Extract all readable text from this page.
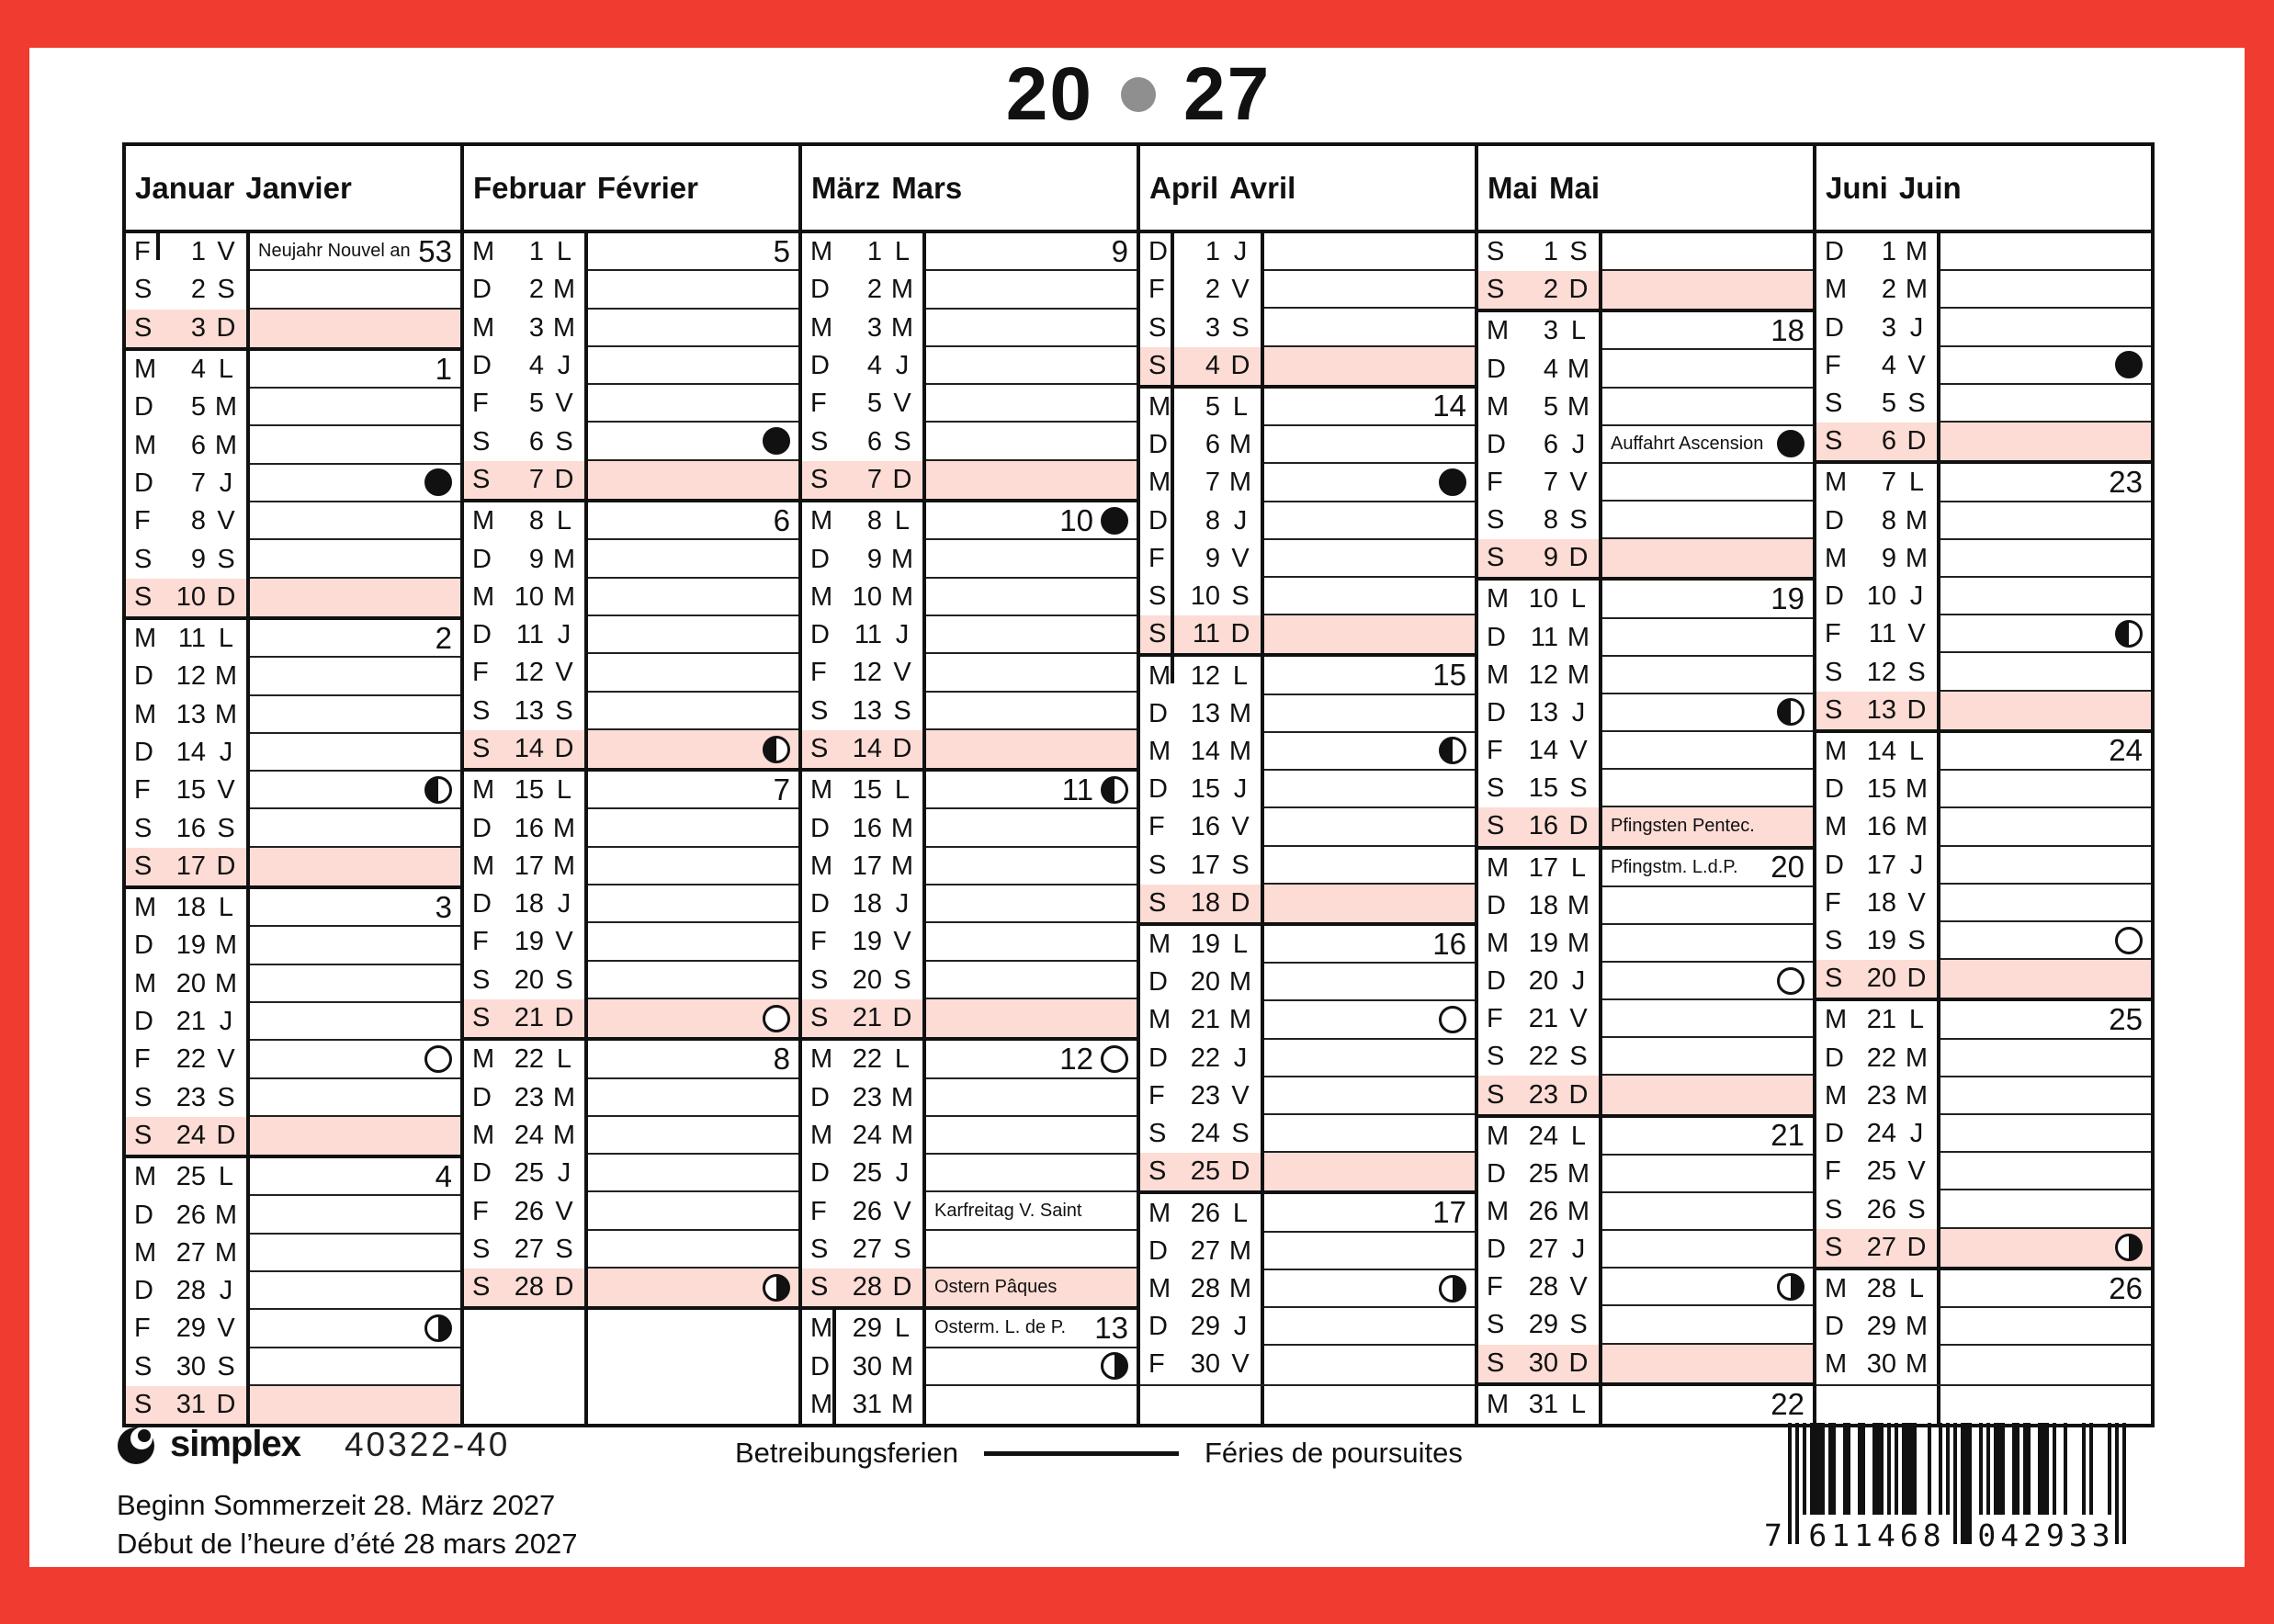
20 27
Januar Janvier
F	1 V	Neujahr Nouvel an 53
S	2 S
S	3 D
M	4 L	1
D	5 M
M	6 M
D	7 J
F	8 V
S	9 S
S 10 D
M 11 L	2
D 12 M
M 13 M
D 14 J
F 15 V
S 16 S
S 17 D
M 18 L	3
D 19 M
M 20 M
D 21 J
F 22 V
S 23 S
S 24 D
M 25 L	4
D 26 M
M 27 M
D 28 J
F 29 V
S 30 S
S 31 D
Februar Février
M	1 L	5
D	2 M
M	3 M
D	4 J
F	5 V
S	6 S
S	7 D
M	8 L	6
D	9 M
M 10 M
D 11 J
F 12 V
S 13 S
S 14 D
M 15 L	7
D 16 M
M 17 M
D 18 J
F 19 V
S 20 S
S 21 D
M 22 L	8
D 23 M
M 24 M
D 25 J
F 26 V
S 27 S
S 28 D
März Mars
M	1 L	9
D	2 M
M	3 M
D	4 J
F	5 V
S	6 S
S	7 D
M	8 L	10
D	9 M
M 10 M
D 11 J
F 12 V
S 13 S
S 14 D
M 15 L	11
D 16 M
M 17 M
D 18 J
F 19 V
S 20 S
S 21 D
M 22 L	12
D 23 M
M 24 M
D 25 J
F 26 V	Karfreitag V. Saint
S 27 S
S 28 D	Ostern Pâques
M 29 L	Osterm. L. de P. 13
D 30 M
M 31 M
April Avril
D	1 J
F	2 V
S	3 S
S	4 D
M	5 L	14
D	6 M
M	7 M
D	8 J
F	9 V
S 10 S
S 11 D
M 12 L	15
D 13 M
M 14 M
D 15 J
F 16 V
S 17 S
S 18 D
M 19 L	16
D 20 M
M 21 M
D 22 J
F 23 V
S 24 S
S 25 D
M 26 L	17
D 27 M
M 28 M
D 29 J
F 30 V
Mai Mai
S	1 S
S	2 D
M	3 L	18
D	4 M
M	5 M
D	6 J	Auffahrt Ascension
F	7 V
S	8 S
S	9 D
M 10 L	19
D 11 M
M 12 M
D 13 J
F 14 V
S 15 S
S 16 D	Pfingsten Pentec.
M 17 L	Pfingstm. L.d.P. 20
D 18 M
M 19 M
D 20 J
F 21 V
S 22 S
S 23 D
M 24 L	21
D 25 M
M 26 M
D 27 J
F 28 V
S 29 S
S 30 D
M 31 L	22
Juni Juin
D	1 M
M	2 M
D	3 J
F	4 V
S	5 S
S	6 D
M	7 L	23
D	8 M
M	9 M
D 10 J
F	11 V
S 12 S
S 13 D
M 14 L	24
D 15 M
M 16 M
D 17 J
F 18 V
S 19 S
S 20 D
M 21 L	25
D 22 M
M 23 M
D 24 J
F 25 V
S 26 S
S 27 D
M 28 L	26
D 29 M
M 30 M
simplex 40322-40
Beginn Sommerzeit 28. März 2027
Début de l’heure d’été 28 mars 2027
Betreibungsferien	Féries de poursuites
7 611468 042933
